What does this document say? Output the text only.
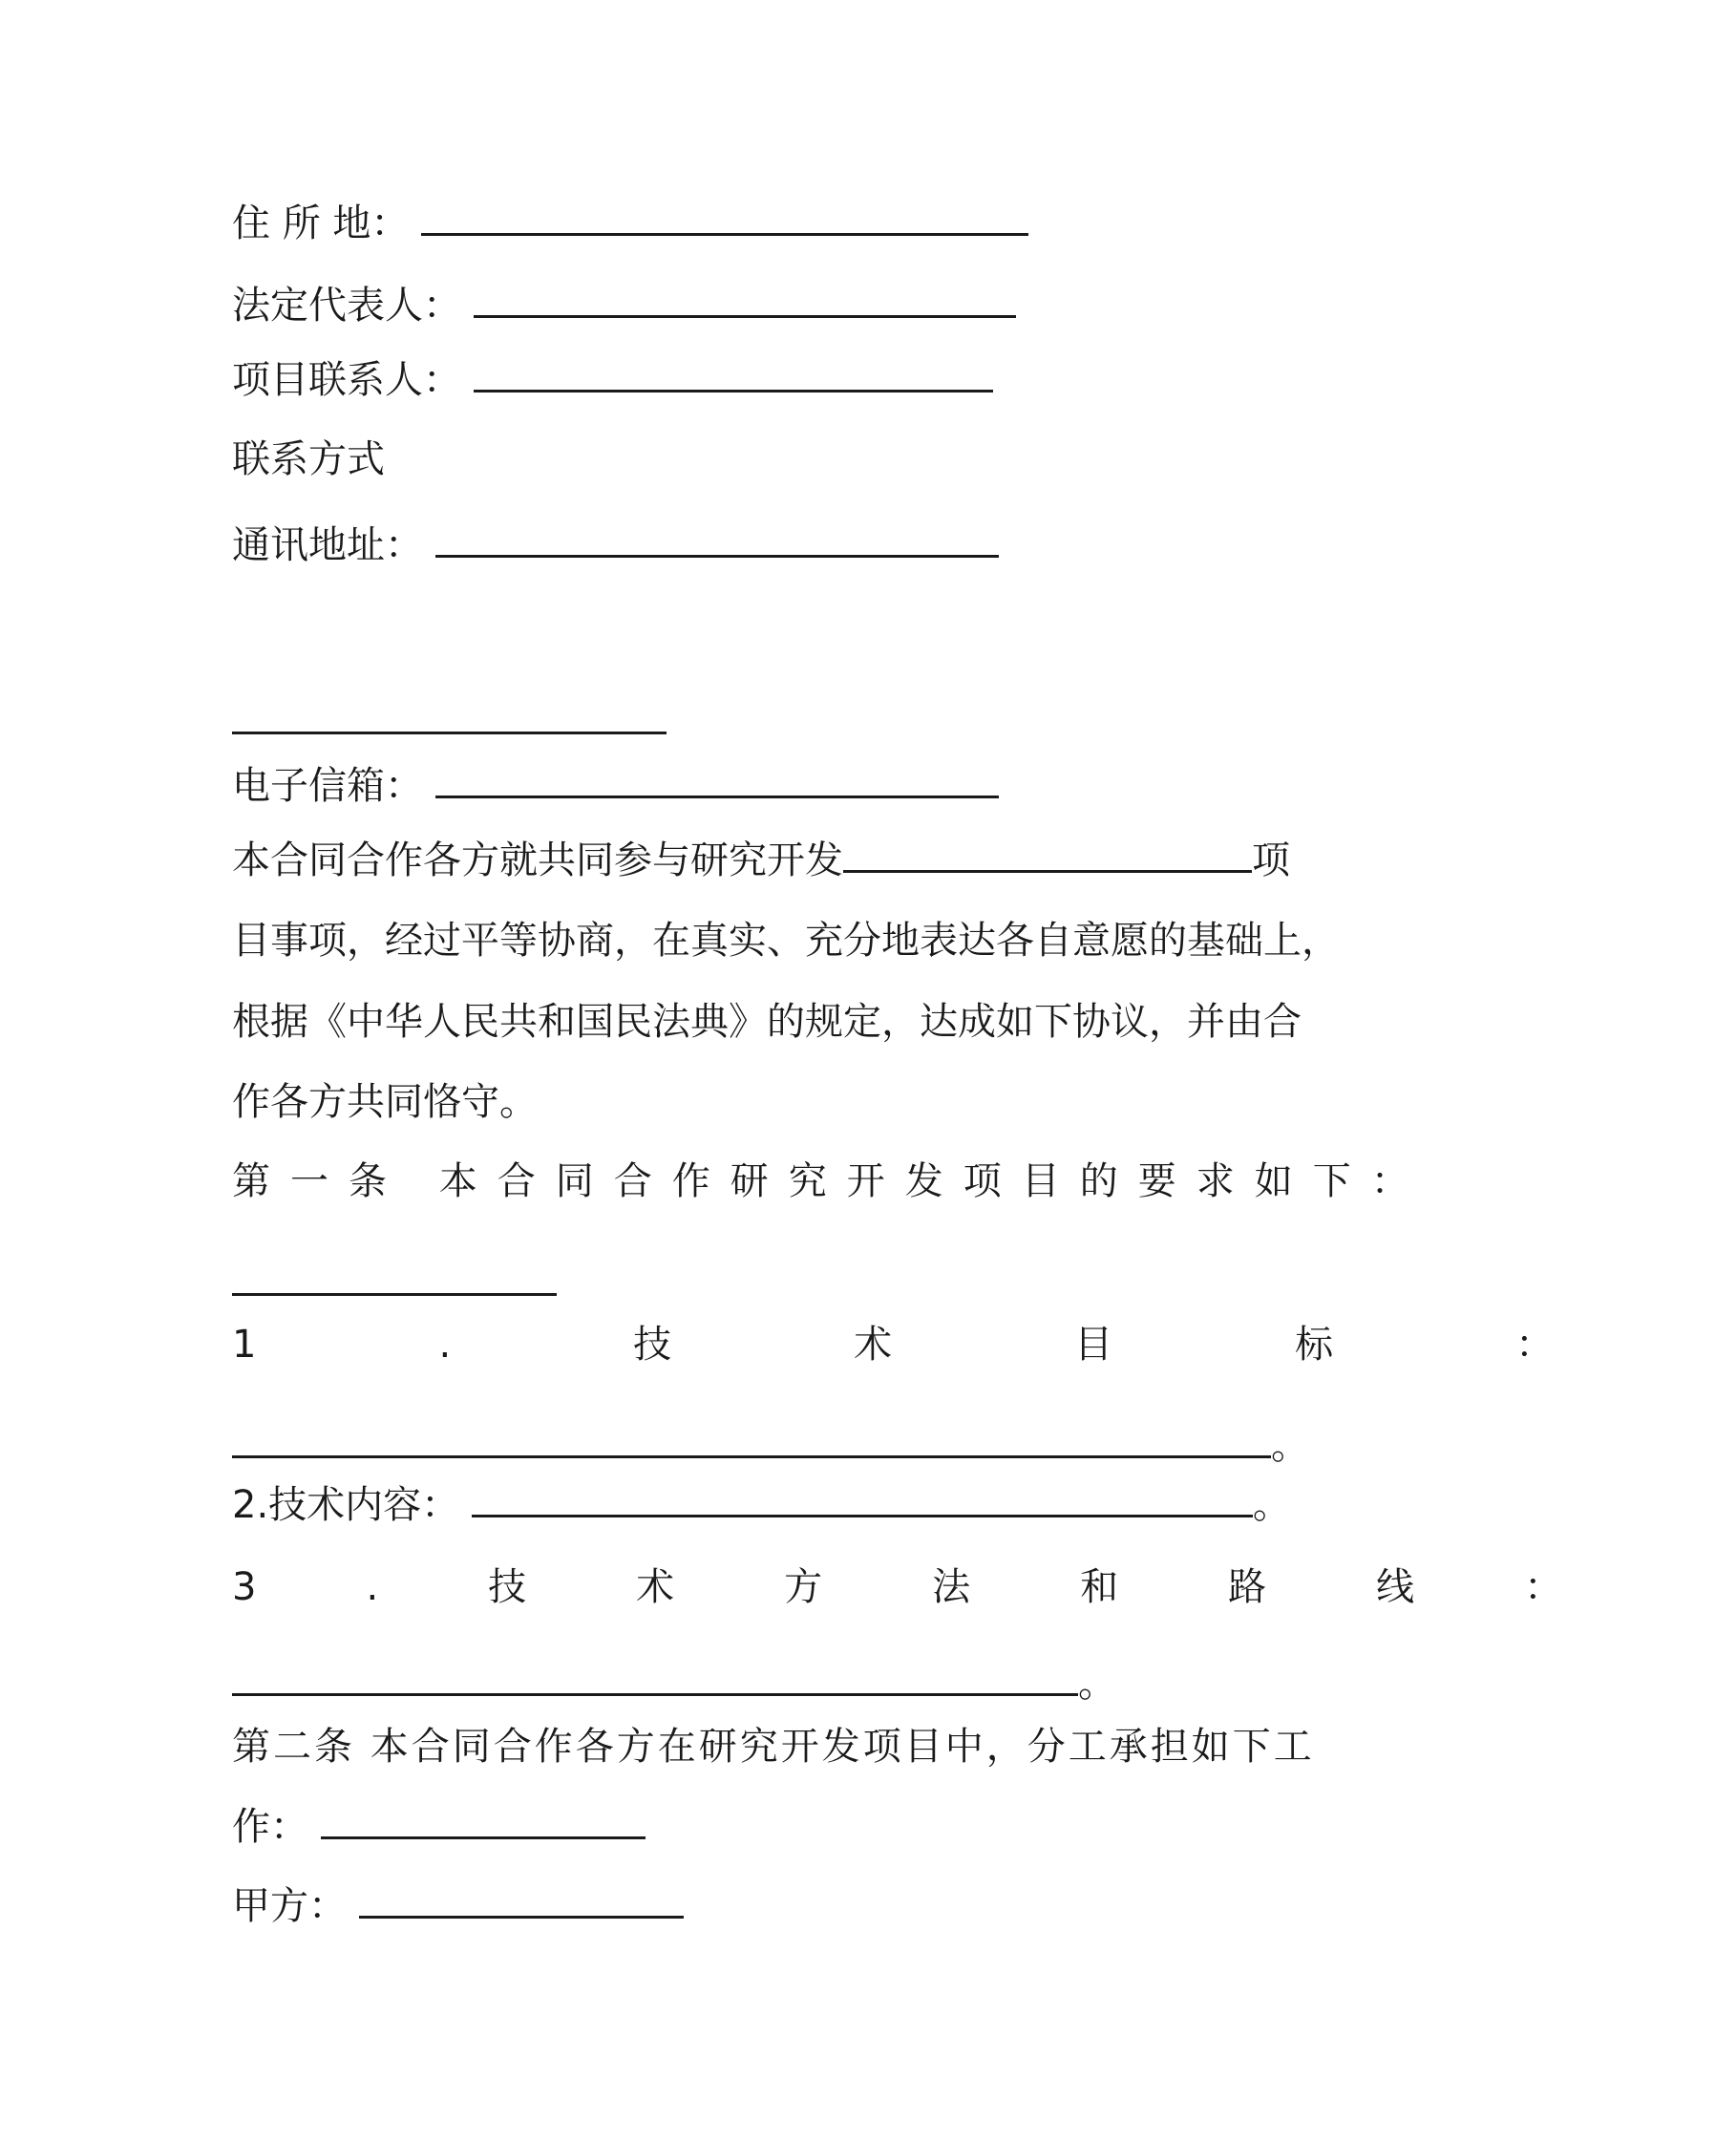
住 所 地：
法定代表人：
项目联系人：
联系方式
通讯地址：
电子信箱：
本合同合作各方就共同参与研究开发	项
目事项，经过平等协商，在真实、充分地表达各自意愿的基础上，
根据《中华人民共和国民法典》的规定，达成如下协议，并由合
作各方共同恪守。
第一条 本合同合作研究开发项目的要求如下：
1.技术目标：
。
2.技术内容：	。
3.技术方法和路线：
。
第二条 本合同合作各方在研究开发项目中，分工承担如下工
作：
甲方：
